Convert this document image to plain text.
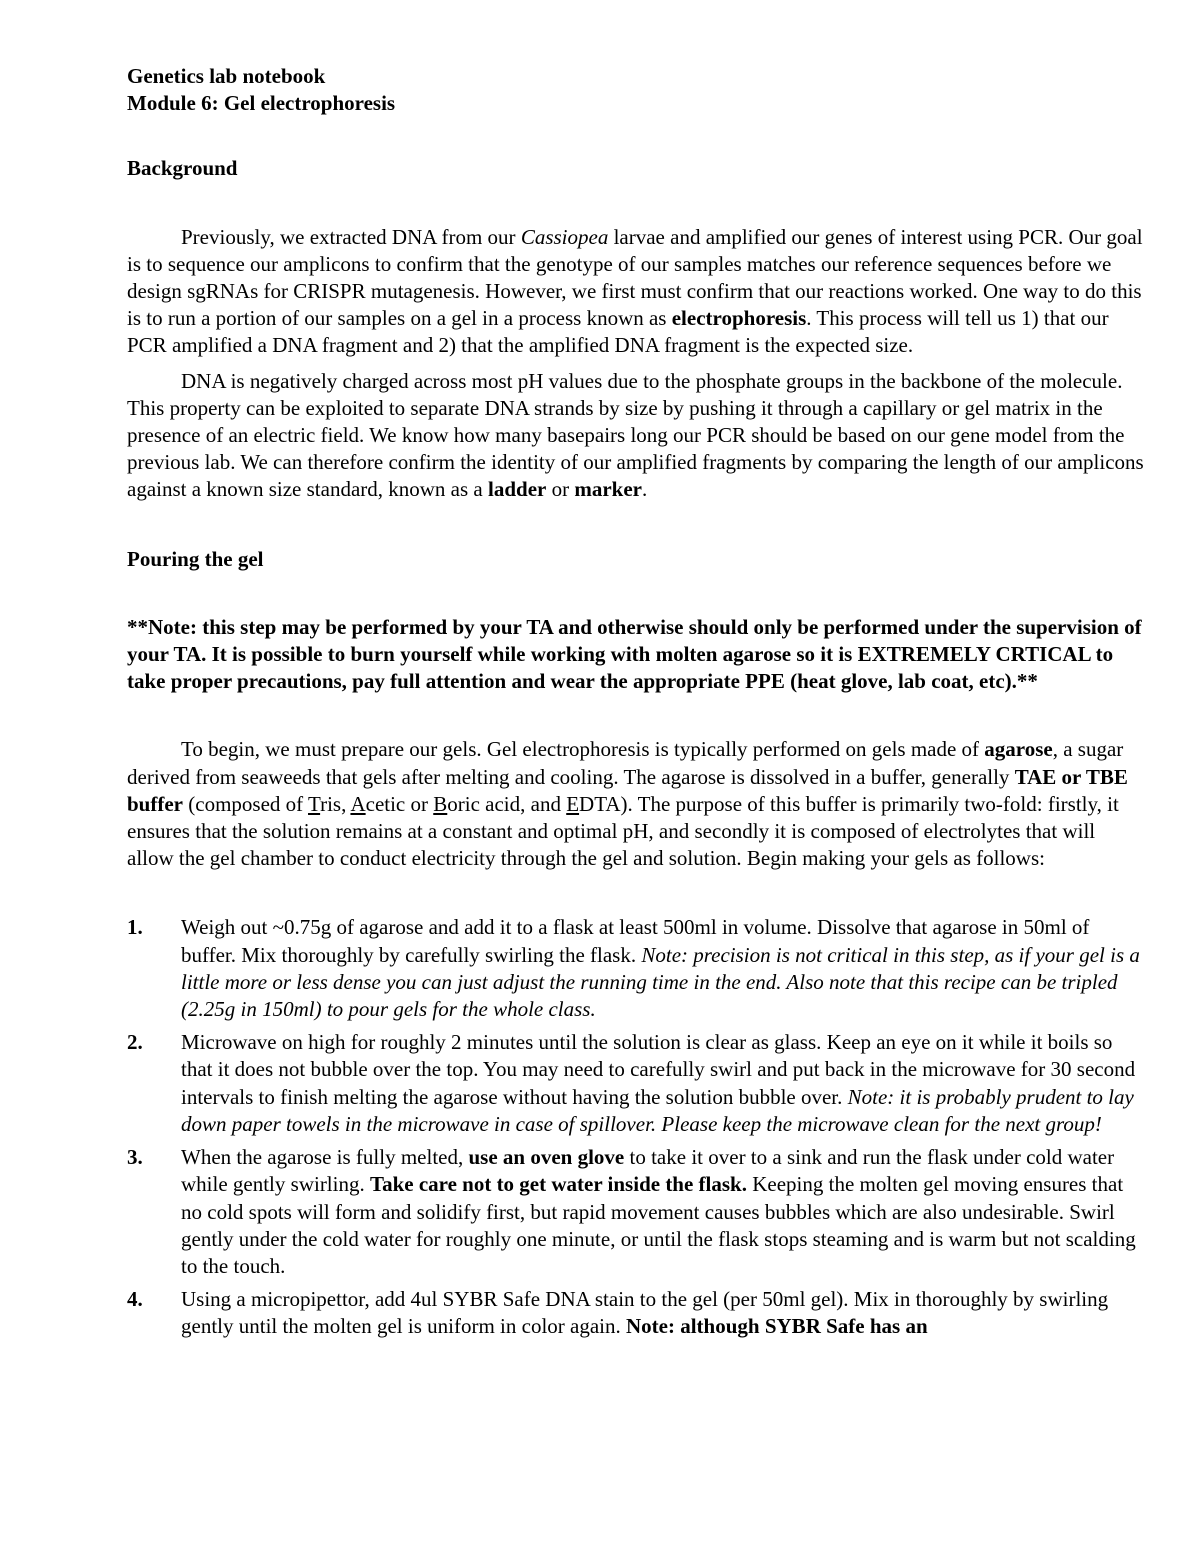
Genetics lab notebook

Module 6: Gel electrophoresis

Background

Previously, we extracted DNA from our Cassiopea larvae and amplified our genes of interest using PCR. Our goal is to sequence our amplicons to confirm that the genotype of our samples matches our reference sequences before we design sgRNAs for CRISPR mutagenesis. However, we first must confirm that our reactions worked. One way to do this is to run a portion of our samples on a gel in a process known as electrophoresis. This process will tell us 1) that our PCR amplified a DNA fragment and 2) that the amplified DNA fragment is the expected size.

DNA is negatively charged across most pH values due to the phosphate groups in the backbone of the molecule. This property can be exploited to separate DNA strands by size by pushing it through a capillary or gel matrix in the presence of an electric field. We know how many basepairs long our PCR should be based on our gene model from the previous lab. We can therefore confirm the identity of our amplified fragments by comparing the length of our amplicons against a known size standard, known as a ladder or marker.

Pouring the gel

**Note: this step may be performed by your TA and otherwise should only be performed under the supervision of your TA. It is possible to burn yourself while working with molten agarose so it is EXTREMELY CRTICAL to take proper precautions, pay full attention and wear the appropriate PPE (heat glove, lab coat, etc).**

To begin, we must prepare our gels. Gel electrophoresis is typically performed on gels made of agarose, a sugar derived from seaweeds that gels after melting and cooling. The agarose is dissolved in a buffer, generally TAE or TBE buffer (composed of Tris, Acetic or Boric acid, and EDTA). The purpose of this buffer is primarily two-fold: firstly, it ensures that the solution remains at a constant and optimal pH, and secondly it is composed of electrolytes that will allow the gel chamber to conduct electricity through the gel and solution. Begin making your gels as follows:

1. Weigh out ~0.75g of agarose and add it to a flask at least 500ml in volume. Dissolve that agarose in 50ml of buffer. Mix thoroughly by carefully swirling the flask. Note: precision is not critical in this step, as if your gel is a little more or less dense you can just adjust the running time in the end. Also note that this recipe can be tripled (2.25g in 150ml) to pour gels for the whole class.
2. Microwave on high for roughly 2 minutes until the solution is clear as glass. Keep an eye on it while it boils so that it does not bubble over the top. You may need to carefully swirl and put back in the microwave for 30 second intervals to finish melting the agarose without having the solution bubble over. Note: it is probably prudent to lay down paper towels in the microwave in case of spillover. Please keep the microwave clean for the next group!
3. When the agarose is fully melted, use an oven glove to take it over to a sink and run the flask under cold water while gently swirling. Take care not to get water inside the flask. Keeping the molten gel moving ensures that no cold spots will form and solidify first, but rapid movement causes bubbles which are also undesirable. Swirl gently under the cold water for roughly one minute, or until the flask stops steaming and is warm but not scalding to the touch.
4. Using a micropipettor, add 4ul SYBR Safe DNA stain to the gel (per 50ml gel). Mix in thoroughly by swirling gently until the molten gel is uniform in color again. Note: although SYBR Safe has an
